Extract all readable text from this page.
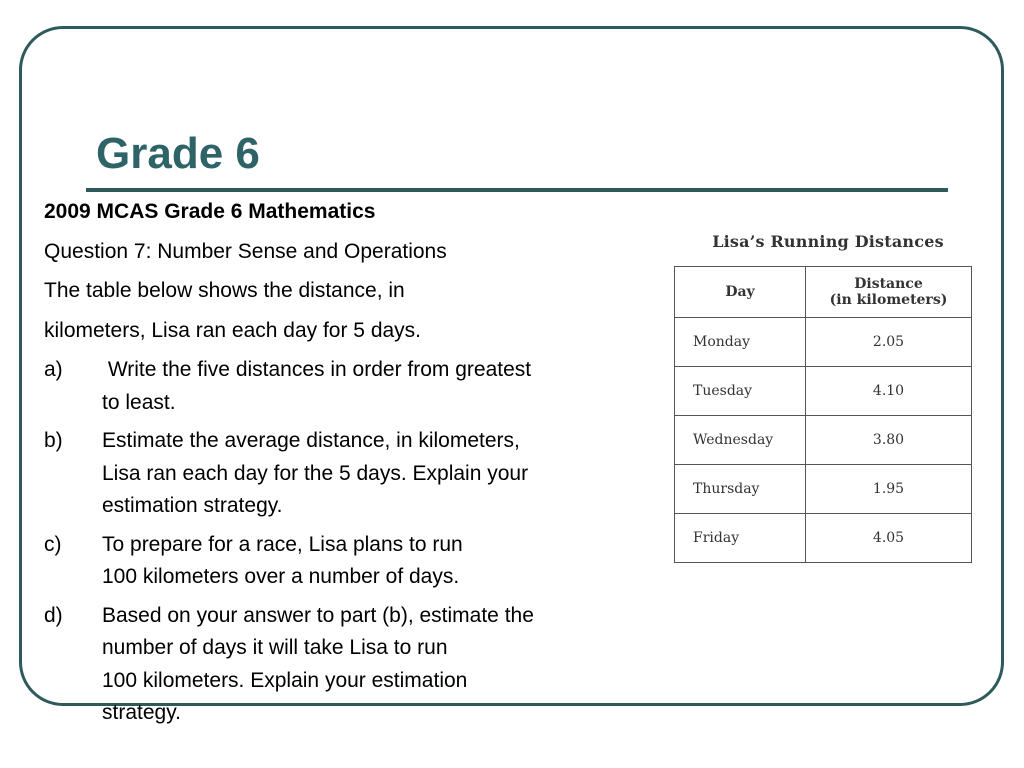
Grade 6

2009 MCAS Grade 6 Mathematics

Question 7: Number Sense and Operations

The table below shows the distance, in

kilometers, Lisa ran each day for 5 days.

a)	Write the five distances in order from greatest
to least.
b)	Estimate the average distance, in kilometers,
Lisa ran each day for the 5 days. Explain your
estimation strategy.
c)	To prepare for a race, Lisa plans to run
100 kilometers over a number of days.
d)	Based on your answer to part (b), estimate the
number of days it will take Lisa to run
100 kilometers. Explain your estimation
strategy.
Lisa’s Running Distances
Day	Distance
(in kilometers)

Monday	2.05
Tuesday	4.10
Wednesday	3.80
Thursday	1.95
Friday	4.05
